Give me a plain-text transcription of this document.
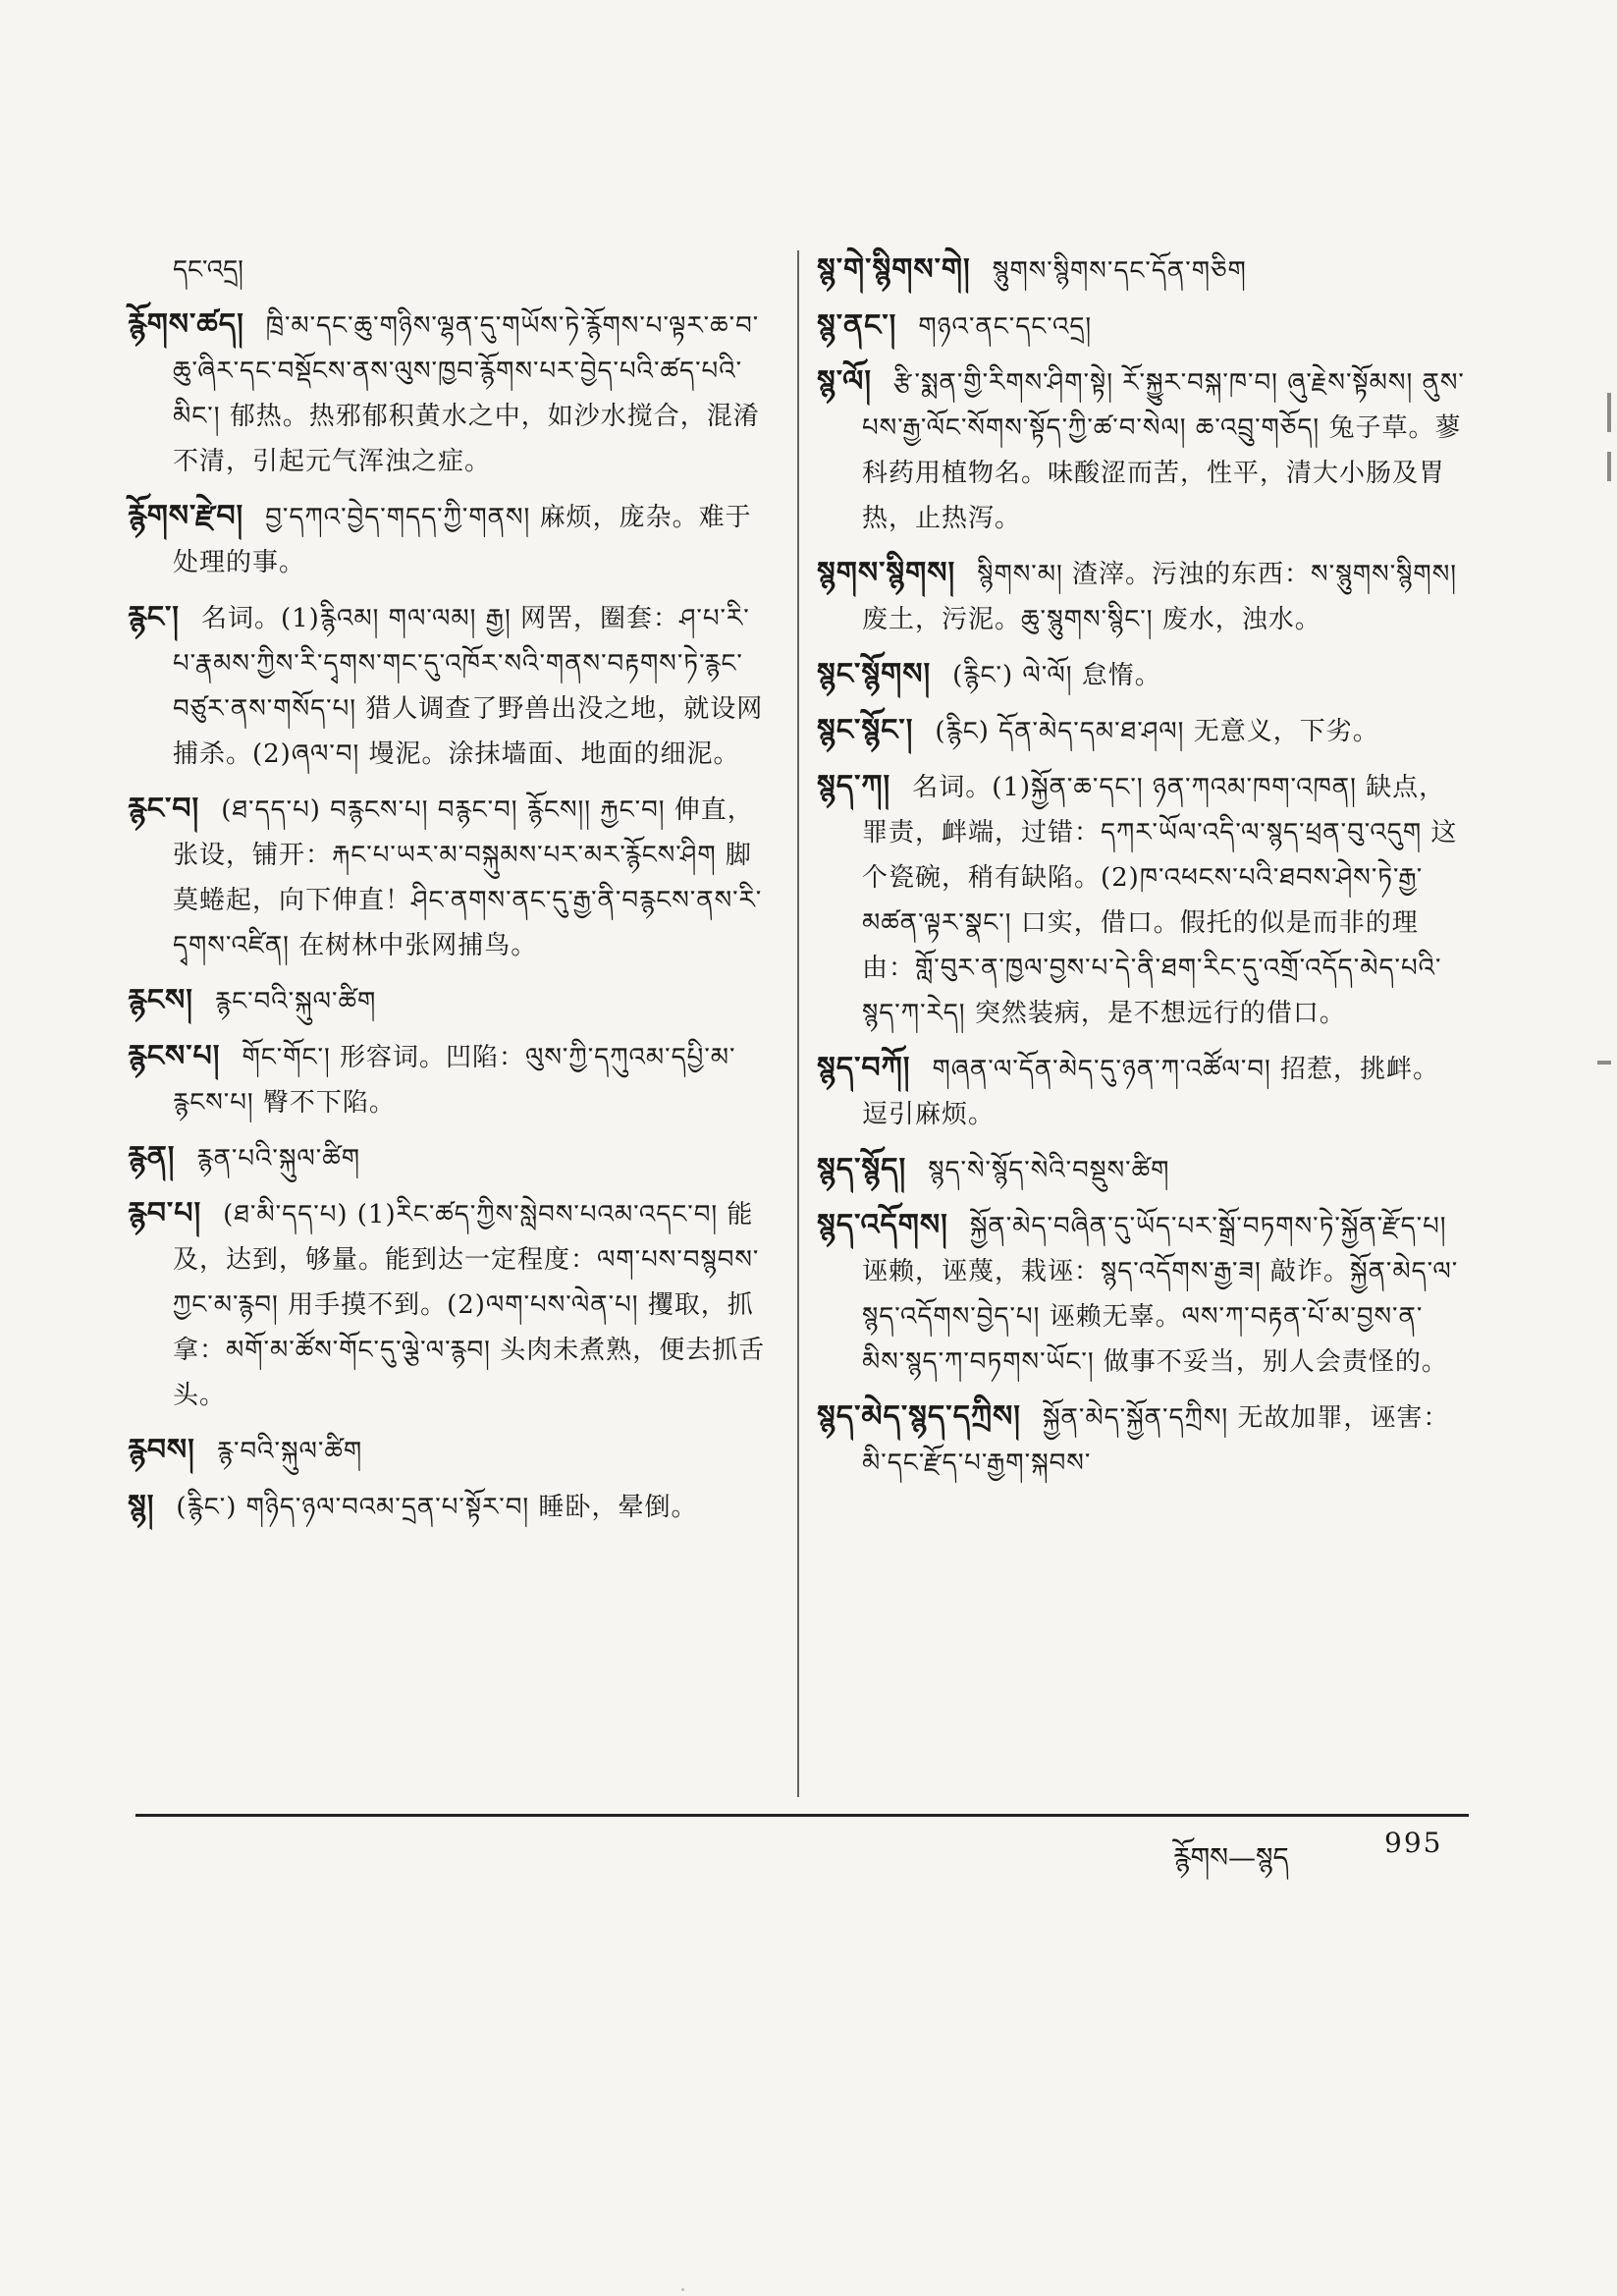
དང་འདྲ།

རྙོགས་ཚད། ཁྲི་མ་དང་ཆུ་གཉིས་ལྷན་དུ་གཡོས་ཏེ་རྙོགས་པ་ལྟར་ཆ་བ་ཆུ་ཞིར་དང་བསྡོངས་ནས་ལུས་ཁྱབ་རྙོགས་པར་བྱེད་པའི་ཚད་པའི་མིང་། 郁热。热邪郁积黄水之中，如沙水搅合，混淆不清，引起元气浑浊之症。

རྙོགས་རྫེབ། བྱ་དཀའ་བྱེད་གདད་ཀྱི་གནས། 麻烦，庞杂。难于处理的事。

རྙང་། 名词。(1)རྙིའམ། གལ་ལམ། རྒྱ། 网罟，圈套：ཤ་པ་རི་པ་རྣམས་ཀྱིས་རི་དྭགས་གང་དུ་འཁོར་སའི་གནས་བརྟགས་ཏེ་རྙང་བཙུར་ནས་གསོད་པ། 猎人调查了野兽出没之地，就设网捕杀。(2)ཞལ་བ། 墁泥。涂抹墙面、地面的细泥。

རྙང་བ། (ཐ་དད་པ) བརྙངས་པ། བརྙང་བ། རྙོངས།། རྐྱང་བ། 伸直，张设，铺开：རྐང་པ་ཡར་མ་བསྐུམས་པར་མར་རྙོངས་ཤིག 脚莫蜷起，向下伸直！ཤིང་ནགས་ནང་དུ་རྒྱ་ནི་བརྙངས་ནས་རི་དྭགས་འཛིན། 在树林中张网捕鸟。

རྙངས། རྙང་བའི་སྐུལ་ཚིག

རྙངས་པ། གོང་གོང་། 形容词。凹陷：ལུས་ཀྱི་དཀུའམ་དཔྱི་མ་རྙངས་པ། 臀不下陷。

རྙན། རྙན་པའི་སྐུལ་ཚིག

རྙབ་པ། (ཐ་མི་དད་པ) (1)རིང་ཚད་ཀྱིས་སླེབས་པའམ་འདང་བ། 能及，达到，够量。能到达一定程度：ལག་པས་བསྙབས་ཀྱང་མ་རྙབ། 用手摸不到。(2)ལག་པས་ལེན་པ། 攫取，抓拿：མགོ་མ་ཚོས་གོང་དུ་ལྕེ་ལ་རྙབ། 头肉未煮熟，便去抓舌头。

རྙབས། རྙ་བའི་སྐུལ་ཚིག

སྙ། (རྙིང་) གཉིད་ཉལ་བའམ་དྲན་པ་སྟོར་བ། 睡卧，晕倒。

སྙ་གེ་སྙིགས་གེ། སྙུགས་སྙིགས་དང་དོན་གཅིག

སྙ་ནང་། གཉའ་ནང་དང་འདྲ།

སྙ་ལོ། རྩི་སྨན་གྱི་རིགས་ཤིག་སྟེ། རོ་སྐྱུར་བསྐ་ཁ་བ། ཞུ་རྗེས་སྟོམས། ནུས་པས་རྒྱ་ལོང་སོགས་སྟོད་ཀྱི་ཚ་བ་སེལ། ཆ་འབྲུ་གཅོད། 兔子草。蓼科药用植物名。味酸涩而苦，性平，清大小肠及胃热，止热泻。

སྙགས་སྙིགས། སྙིགས་མ། 渣滓。污浊的东西：ས་སྙུགས་སྙིགས། 废土，污泥。ཆུ་སྙུགས་སྙིང་། 废水，浊水。

སྙང་སྙོགས། (རྙིང་) ལེ་ལོ། 怠惰。

སྙང་སྙོང་། (རྙིང) དོན་མེད་དམ་ཐ་ཤལ། 无意义，下劣。

སྙད་ཀ། 名词。(1)སྐྱོན་ཆ་དང་། ཉན་ཀའམ་ཁག་འཁན། 缺点，罪责，衅端，过错：དཀར་ཡོལ་འདི་ལ་སྙད་ཕྲན་བུ་འདུག 这个瓷碗，稍有缺陷。(2)ཁ་འཕངས་པའི་ཐབས་ཤེས་ཏེ་རྒྱ་མཚན་ལྟར་སྣང་། 口实，借口。假托的似是而非的理由：གློ་བུར་ན་ཁྱལ་བྱས་པ་དེ་ནི་ཐག་རིང་དུ་འགྲོ་འདོད་མེད་པའི་སྙད་ཀ་རེད། 突然装病，是不想远行的借口。

སྙད་བཀོ། གཞན་ལ་དོན་མེད་དུ་ཉན་ཀ་འཚོལ་བ། 招惹，挑衅。逗引麻烦。

སྙད་སྙོད། སྙད་སེ་སྙོད་སེའི་བསྡུས་ཚིག

སྙད་འདོགས། སྐྱོན་མེད་བཞིན་དུ་ཡོད་པར་སྒྲོ་བཏགས་ཏེ་སྐྱོན་རྫོད་པ། 诬赖，诬蔑，栽诬：སྙད་འདོགས་རྒྱ་ཟ། 敲诈。སྐྱོན་མེད་ལ་སྙད་འདོགས་བྱེད་པ། 诬赖无辜。ལས་ཀ་བརྟན་པོ་མ་བྱས་ན་མིས་སྙད་ཀ་བཏགས་ཡོང་། 做事不妥当，别人会责怪的。

སྙད་མེད་སྙད་དཀྲིས། སྐྱོན་མེད་སྐྱོན་དཀྲིས། 无故加罪，诬害：མི་དང་རྫོད་པ་རྒྱག་སྐབས་

རྙོགས—སྙད	995
